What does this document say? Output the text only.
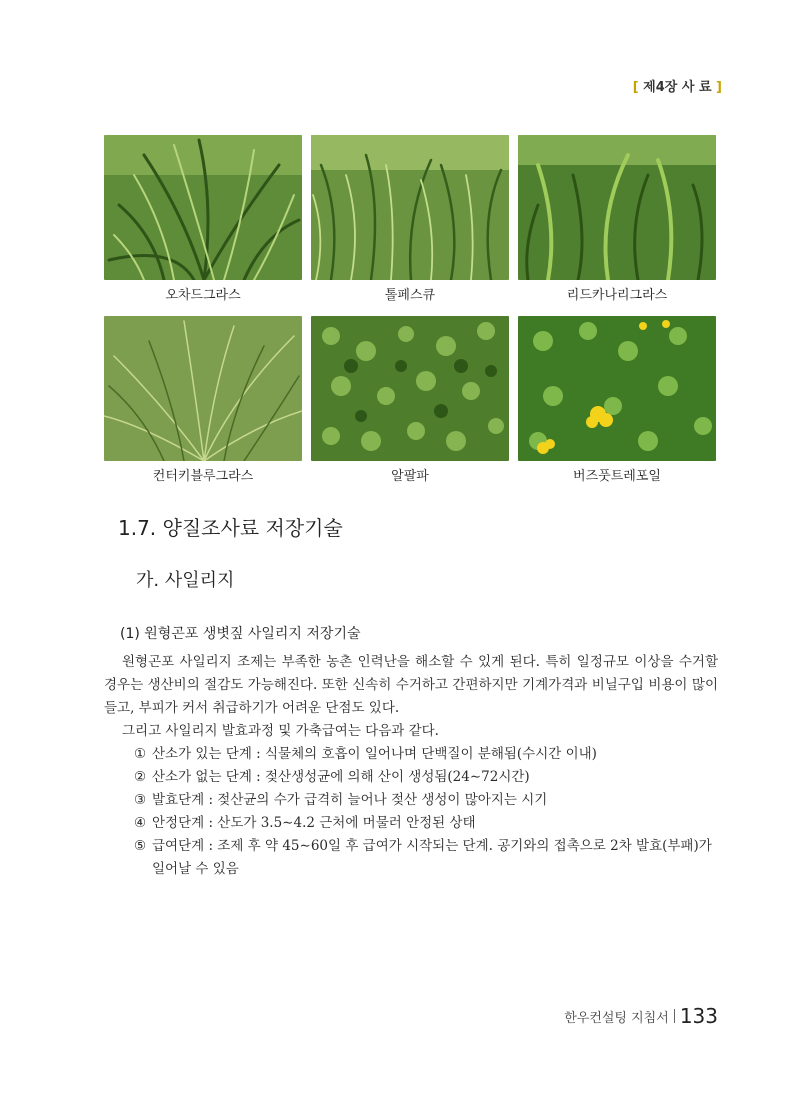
[ 제4장 사 료 ]
오차드그라스	톨페스큐	리드카나리그라스
컨터키블루그라스	알팔파	버즈풋트레포일
1.7. 양질조사료 저장기술
가. 사일리지
(1) 원형곤포 생볏짚 사일리지 저장기술

원형곤포 사일리지 조제는 부족한 농촌 인력난을 해소할 수 있게 된다. 특히 일정규모 이상을 수거할 경우는 생산비의 절감도 가능해진다. 또한 신속히 수거하고 간편하지만 기계가격과 비닐구입 비용이 많이 들고, 부피가 커서 취급하기가 어려운 단점도 있다.

그리고 사일리지 발효과정 및 가축급여는 다음과 같다.

① 산소가 있는 단계 : 식물체의 호흡이 일어나며 단백질이 분해됨(수시간 이내)
② 산소가 없는 단계 : 젖산생성균에 의해 산이 생성됨(24∼72시간)
③ 발효단계 : 젖산균의 수가 급격히 늘어나 젖산 생성이 많아지는 시기
④ 안정단계 : 산도가 3.5∼4.2 근처에 머물러 안정된 상태
⑤ 급여단계 : 조제 후 약 45∼60일 후 급여가 시작되는 단계. 공기와의 접촉으로 2차 발효(부패)가 일어날 수 있음
한우컨설팅 지침서 133
